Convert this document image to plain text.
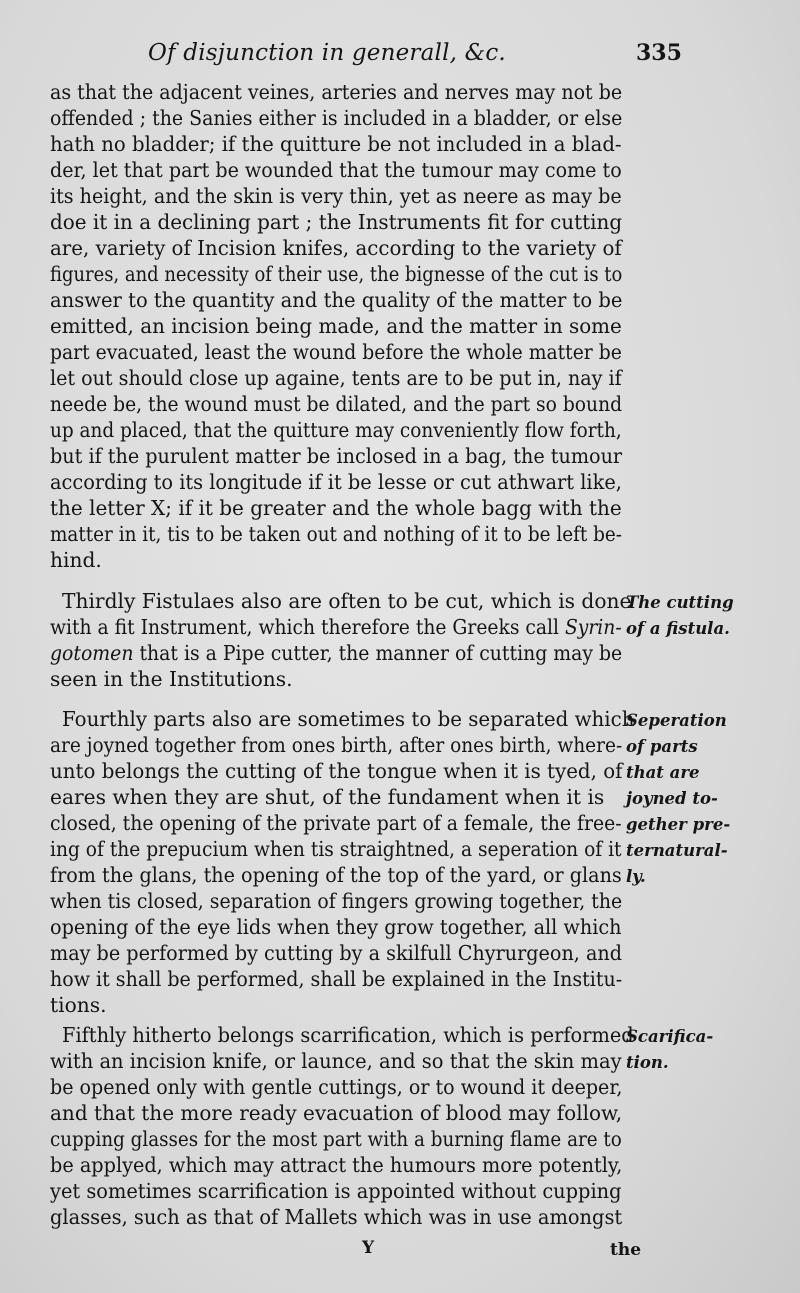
Of disjunction in generall, &c.	335
as that the adjacent veines, arteries and nerves may not be
offended ; the Sanies either is included in a bladder, or else
hath no bladder; if the quitture be not included in a blad-
der, let that part be wounded that the tumour may come to
its height, and the skin is very thin, yet as neere as may be
doe it in a declining part ; the Instruments fit for cutting
are, variety of Incision knifes, according to the variety of
figures, and necessity of their use, the bignesse of the cut is to
answer to the quantity and the quality of the matter to be
emitted, an incision being made, and the matter in some
part evacuated, least the wound before the whole matter be
let out should close up againe, tents are to be put in, nay if
neede be, the wound must be dilated, and the part so bound
up and placed, that the quitture may conveniently flow forth,
but if the purulent matter be inclosed in a bag, the tumour
according to its longitude if it be lesse or cut athwart like,
the letter X; if it be greater and the whole bagg with the
matter in it, tis to be taken out and nothing of it to be left be-
hind.
Thirdly Fistulaes also are often to be cut, which is done
with a fit Instrument, which therefore the Greeks call Syrin-
gotomen that is a Pipe cutter, the manner of cutting may be
seen in the Institutions.
The cutting
of a fistula.
Fourthly parts also are sometimes to be separated which
are joyned together from ones birth, after ones birth, where-
unto belongs the cutting of the tongue when it is tyed, of
eares when they are shut, of the fundament when it is
closed, the opening of the private part of a female, the free-
ing of the prepucium when tis straightned, a seperation of it
from the glans, the opening of the top of the yard, or glans
when tis closed, separation of fingers growing together, the
opening of the eye lids when they grow together, all which
may be performed by cutting by a skilfull Chyrurgeon, and
how it shall be performed, shall be explained in the Institu-
tions.
Seperation
of parts
that are
joyned to-
gether pre-
ternatural-
ly.
Fifthly hitherto belongs scarrification, which is performed
with an incision knife, or launce, and so that the skin may
be opened only with gentle cuttings, or to wound it deeper,
and that the more ready evacuation of blood may follow,
cupping glasses for the most part with a burning flame are to
be applyed, which may attract the humours more potently,
yet sometimes scarrification is appointed without cupping
glasses, such as that of Mallets which was in use amongst
Scarifica-
tion.
Y	the
